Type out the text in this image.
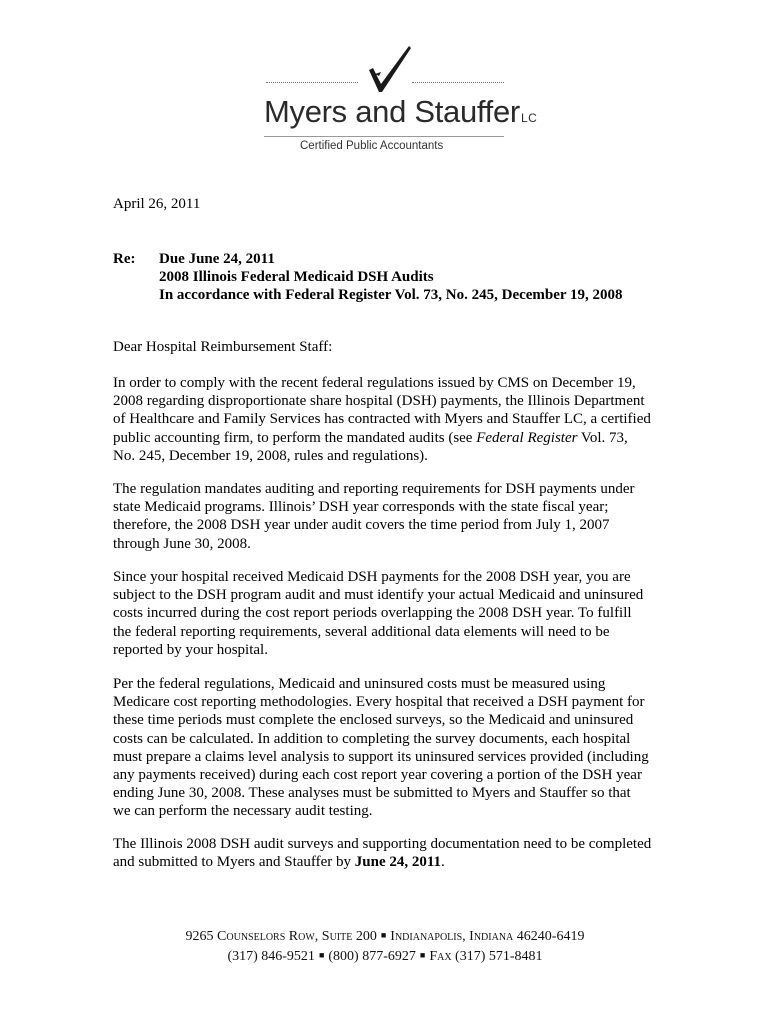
Myers and StaufferLC
Certified Public Accountants
April 26, 2011
Re: Due June 24, 2011
2008 Illinois Federal Medicaid DSH Audits
In accordance with Federal Register Vol. 73, No. 245, December 19, 2008
Dear Hospital Reimbursement Staff:
In order to comply with the recent federal regulations issued by CMS on December 19,
2008 regarding disproportionate share hospital (DSH) payments, the Illinois Department
of Healthcare and Family Services has contracted with Myers and Stauffer LC, a certified
public accounting firm, to perform the mandated audits (see Federal Register Vol. 73,
No. 245, December 19, 2008, rules and regulations).
The regulation mandates auditing and reporting requirements for DSH payments under
state Medicaid programs. Illinois’ DSH year corresponds with the state fiscal year;
therefore, the 2008 DSH year under audit covers the time period from July 1, 2007
through June 30, 2008.
Since your hospital received Medicaid DSH payments for the 2008 DSH year, you are
subject to the DSH program audit and must identify your actual Medicaid and uninsured
costs incurred during the cost report periods overlapping the 2008 DSH year. To fulfill
the federal reporting requirements, several additional data elements will need to be
reported by your hospital.
Per the federal regulations, Medicaid and uninsured costs must be measured using
Medicare cost reporting methodologies. Every hospital that received a DSH payment for
these time periods must complete the enclosed surveys, so the Medicaid and uninsured
costs can be calculated. In addition to completing the survey documents, each hospital
must prepare a claims level analysis to support its uninsured services provided (including
any payments received) during each cost report year covering a portion of the DSH year
ending June 30, 2008. These analyses must be submitted to Myers and Stauffer so that
we can perform the necessary audit testing.
The Illinois 2008 DSH audit surveys and supporting documentation need to be completed
and submitted to Myers and Stauffer by June 24, 2011.
9265 Counselors Row, Suite 200 ■ Indianapolis, Indiana 46240-6419
(317) 846-9521 ■ (800) 877-6927 ■ Fax (317) 571-8481
